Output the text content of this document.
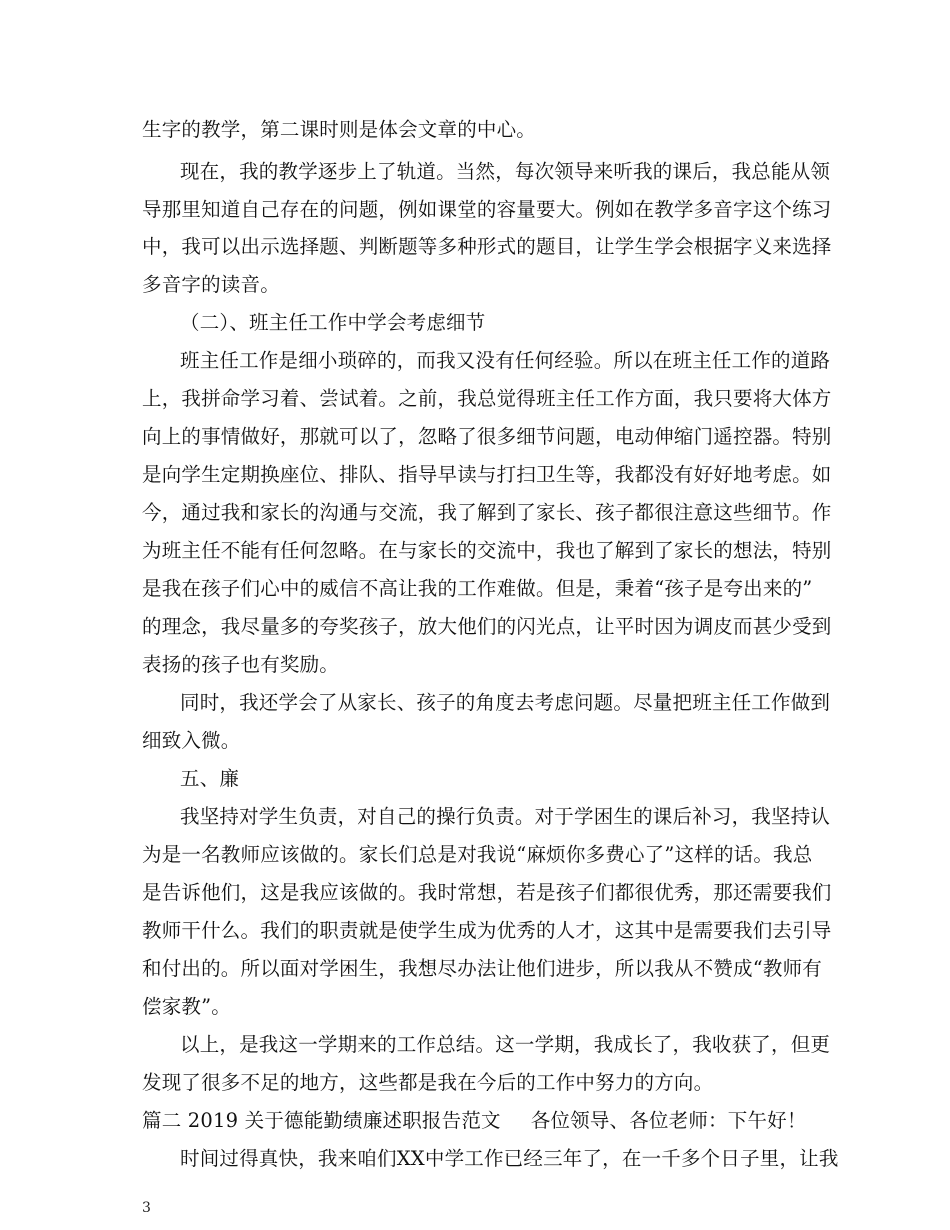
生字的教学，第二课时则是体会文章的中心。
现在，我的教学逐步上了轨道。当然，每次领导来听我的课后，我总能从领
导那里知道自己存在的问题，例如课堂的容量要大。例如在教学多音字这个练习
中，我可以出示选择题、判断题等多种形式的题目，让学生学会根据字义来选择
多音字的读音。
（二）、班主任工作中学会考虑细节
班主任工作是细小琐碎的，而我又没有任何经验。所以在班主任工作的道路
上，我拼命学习着、尝试着。之前，我总觉得班主任工作方面，我只要将大体方
向上的事情做好，那就可以了，忽略了很多细节问题，电动伸缩门遥控器。特别
是向学生定期换座位、排队、指导早读与打扫卫生等，我都没有好好地考虑。如
今，通过我和家长的沟通与交流，我了解到了家长、孩子都很注意这些细节。作
为班主任不能有任何忽略。在与家长的交流中，我也了解到了家长的想法，特别
是我在孩子们心中的威信不高让我的工作难做。但是，秉着“孩子是夸出来的”
的理念，我尽量多的夸奖孩子，放大他们的闪光点，让平时因为调皮而甚少受到
表扬的孩子也有奖励。
同时，我还学会了从家长、孩子的角度去考虑问题。尽量把班主任工作做到
细致入微。
五、廉
我坚持对学生负责，对自己的操行负责。对于学困生的课后补习，我坚持认
为是一名教师应该做的。家长们总是对我说“麻烦你多费心了”这样的话。我总
是告诉他们，这是我应该做的。我时常想，若是孩子们都很优秀，那还需要我们
教师干什么。我们的职责就是使学生成为优秀的人才，这其中是需要我们去引导
和付出的。所以面对学困生，我想尽办法让他们进步，所以我从不赞成“教师有
偿家教”。
以上，是我这一学期来的工作总结。这一学期，我成长了，我收获了，但更
发现了很多不足的地方，这些都是我在今后的工作中努力的方向。
篇二 2019 关于德能勤绩廉述职报告范文 各位领导、各位老师：下午好！
时间过得真快，我来咱们XX中学工作已经三年了，在一千多个日子里，让我
3
